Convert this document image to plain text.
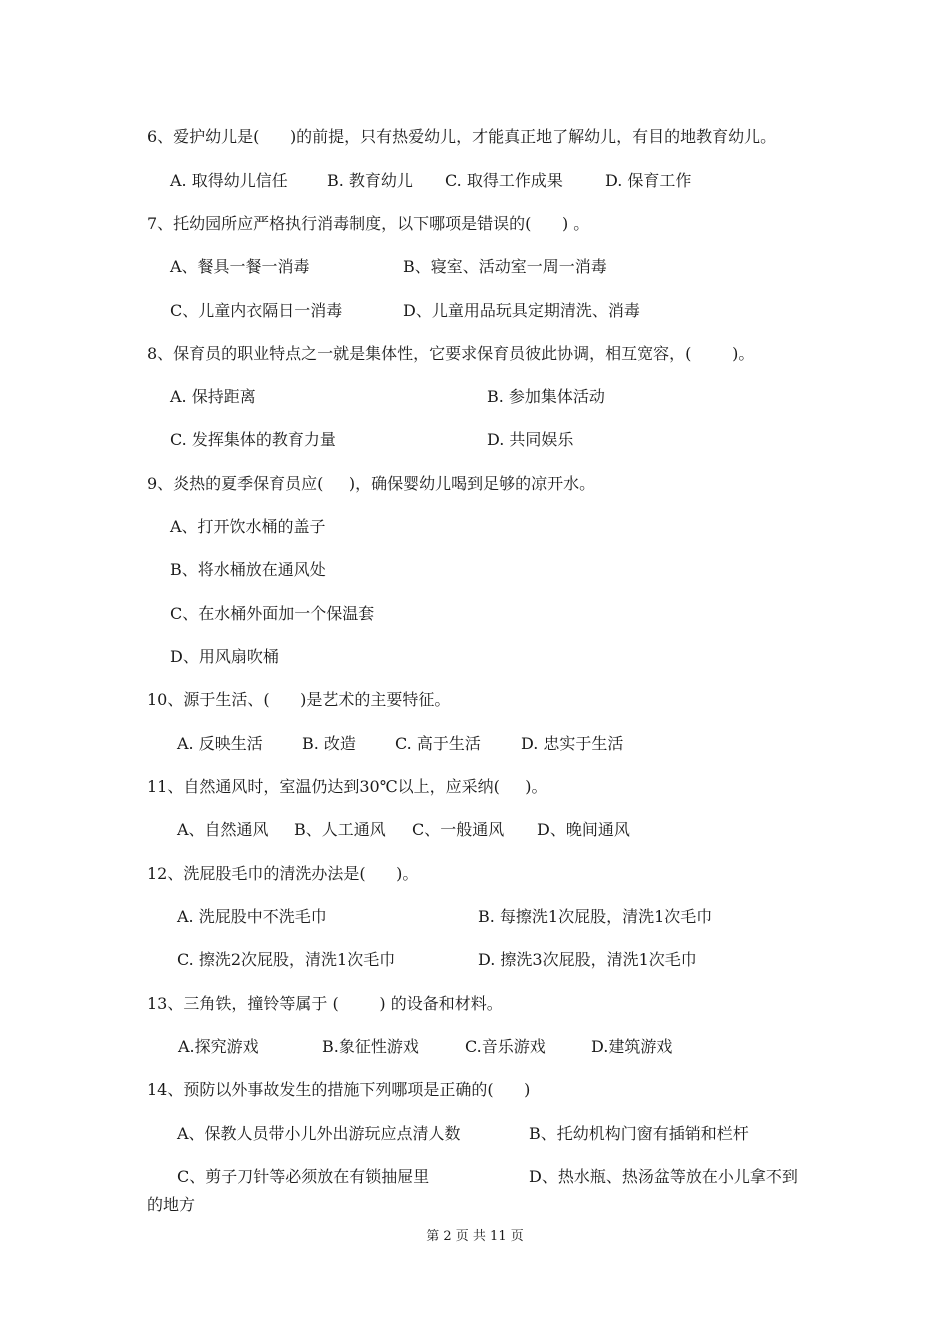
6、爱护幼儿是(      )的前提，只有热爱幼儿，才能真正地了解幼儿，有目的地教育幼儿。
A. 取得幼儿信任 B. 教育幼儿 C. 取得工作成果	D. 保育工作
7、托幼园所应严格执行消毒制度，以下哪项是错误的(      ) 。
A、餐具一餐一消毒	B、寝室、活动室一周一消毒
C、儿童内衣隔日一消毒	D、儿童用品玩具定期清洗、消毒
8、保育员的职业特点之一就是集体性，它要求保育员彼此协调，相互宽容，(        )。
A. 保持距离	B. 参加集体活动
C. 发挥集体的教育力量	D. 共同娱乐
9、炎热的夏季保育员应(     )，确保婴幼儿喝到足够的凉开水。
A、打开饮水桶的盖子
B、将水桶放在通风处
C、在水桶外面加一个保温套
D、用风扇吹桶
10、源于生活、(      )是艺术的主要特征。
A. 反映生活 B. 改造 C. 高于生活	D. 忠实于生活
11、自然通风时，室温仍达到30℃以上，应采纳(     )。
A、自然通风 B、人工通风 C、一般通风 D、晚间通风
12、洗屁股毛巾的清洗办法是(      )。
A. 洗屁股中不洗毛巾	B. 每擦洗1次屁股，清洗1次毛巾
C. 擦洗2次屁股，清洗1次毛巾	D. 擦洗3次屁股，清洗1次毛巾
13、三角铁，撞铃等属于 (        ) 的设备和材料。
A.探究游戏	B.象征性游戏	C.音乐游戏	D.建筑游戏
14、预防以外事故发生的措施下列哪项是正确的(      )
A、保教人员带小儿外出游玩应点清人数	B、托幼机构门窗有插销和栏杆
C、剪子刀针等必须放在有锁抽屉里	D、热水瓶、热汤盆等放在小儿拿不到
的地方
第 2 页 共 11 页
